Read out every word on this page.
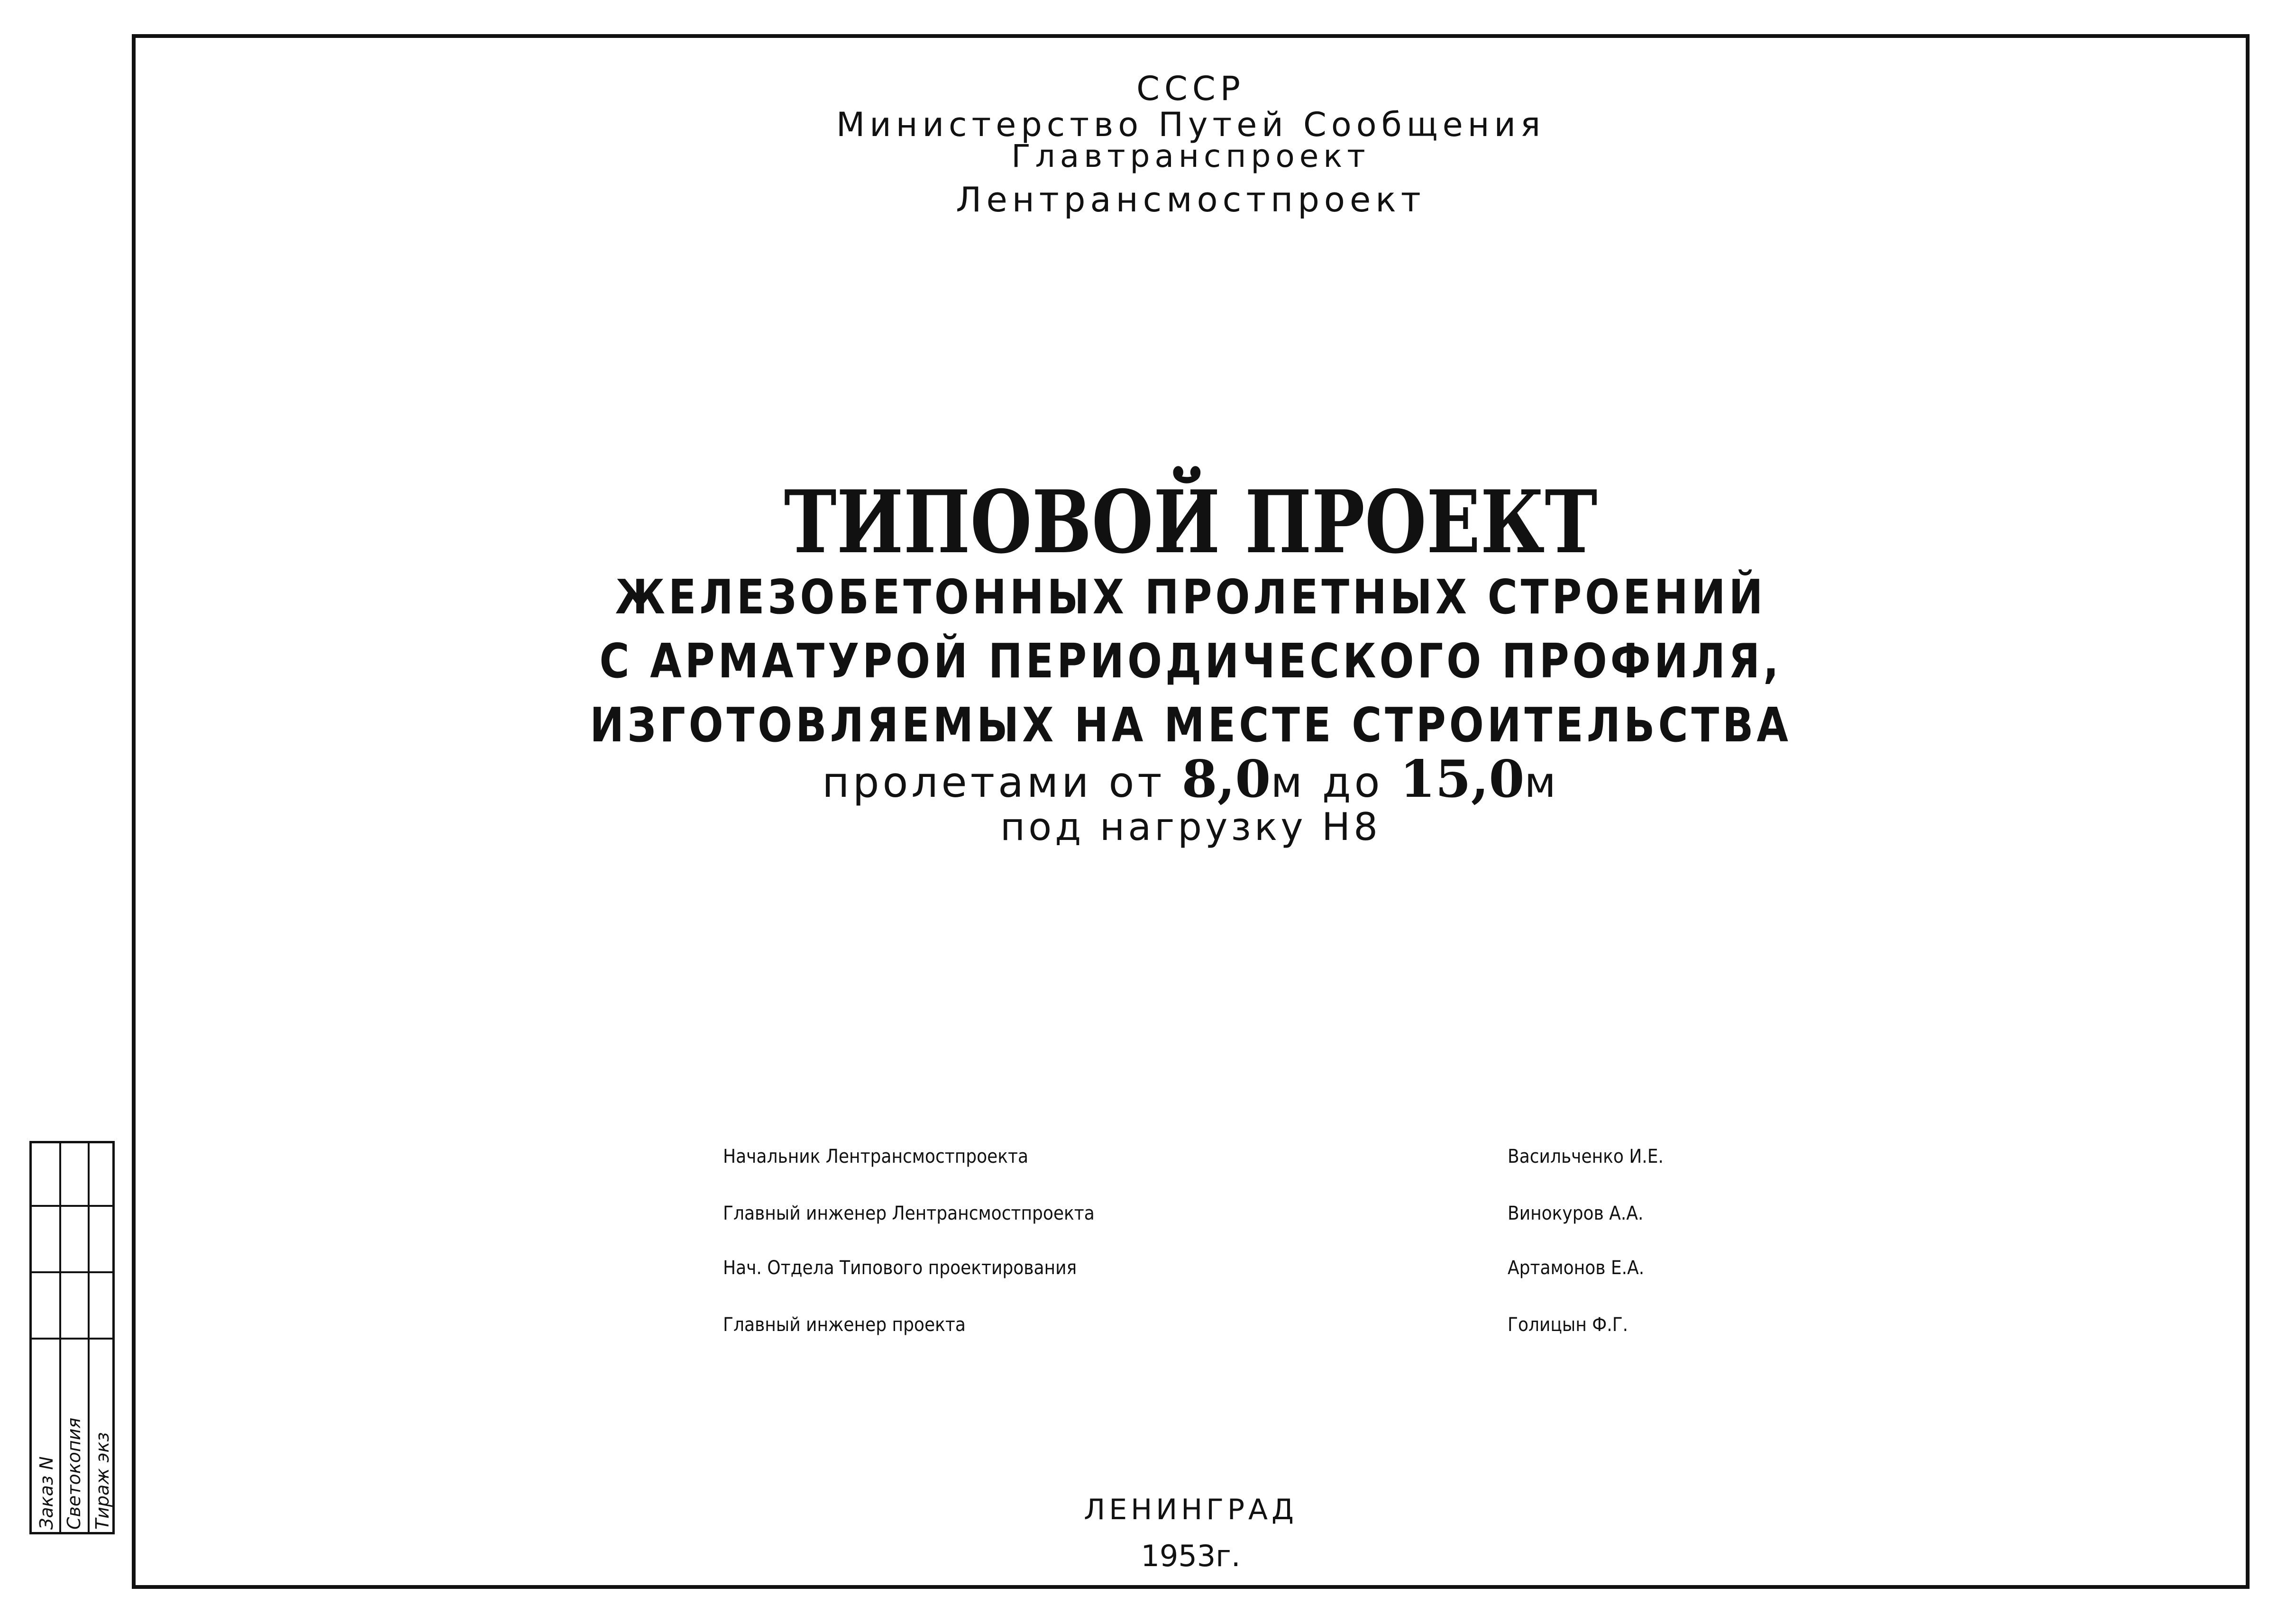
СССР
Министерство Путей Сообщения
Главтранспроект
Лентрансмостпроект
ТИПОВОЙ ПРОЕКТ
ЖЕЛЕЗОБЕТОННЫХ ПРОЛЕТНЫХ СТРОЕНИЙ
С АРМАТУРОЙ ПЕРИОДИЧЕСКОГО ПРОФИЛЯ,
ИЗГОТОВЛЯЕМЫХ НА МЕСТЕ СТРОИТЕЛЬСТВА
пролетами от 8,0м до 15,0м
под нагрузку Н8
Начальник Лентрансмостпроекта	Васильченко И.Е.
Главный инженер Лентрансмостпроекта	Винокуров А.А.
Нач. Отдела Типового проектирования	Артамонов Е.А.
Главный инженер проекта	Голицын Ф.Г.
ЛЕНИНГРАД
1953г.
Заказ N Светокопия Тираж экз
